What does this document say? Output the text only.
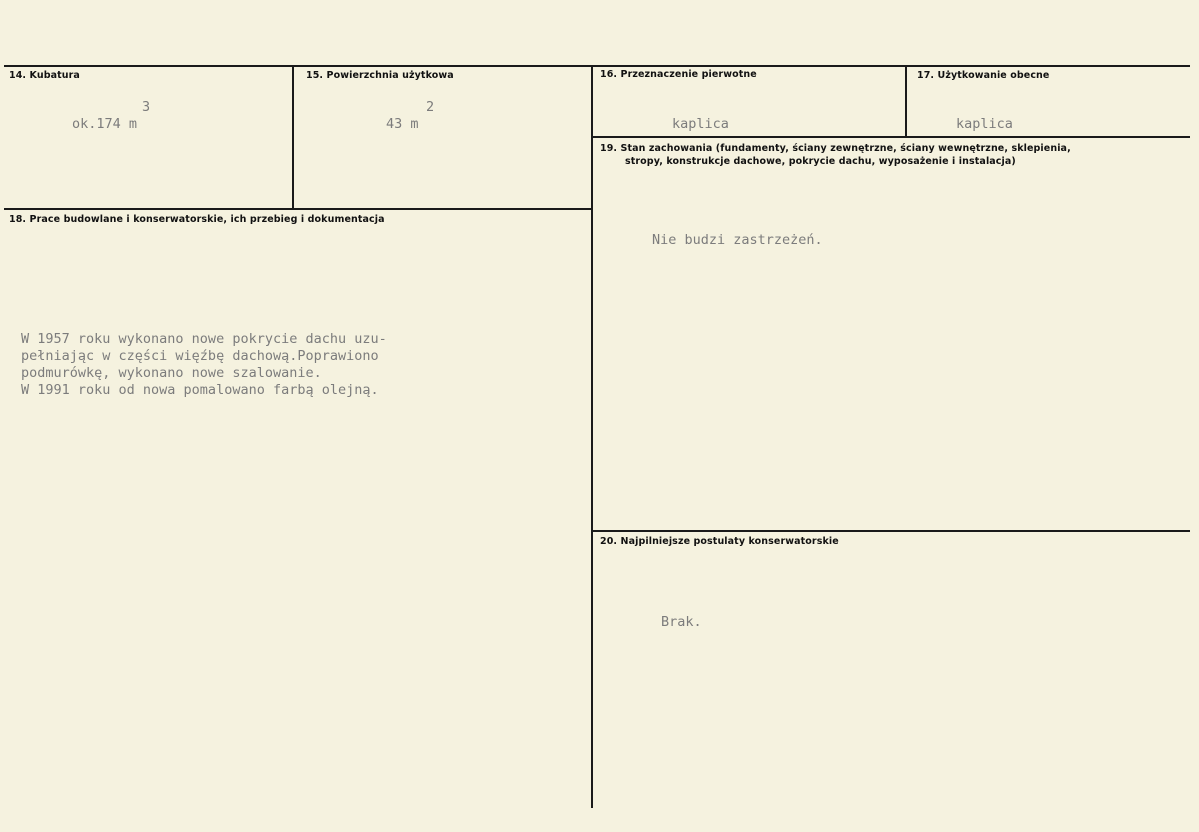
14. Kubatura
3
ok.174 m
15. Powierzchnia użytkowa
2
43 m
16. Przeznaczenie pierwotne
kaplica
17. Użytkowanie obecne
kaplica
18. Prace budowlane i konserwatorskie, ich przebieg i dokumentacja
W 1957 roku wykonano nowe pokrycie dachu uzu-
pełniając w części więźbę dachową.Poprawiono
podmurówkę, wykonano nowe szalowanie.
W 1991 roku od nowa pomalowano farbą olejną.
19. Stan zachowania (fundamenty, ściany zewnętrzne, ściany wewnętrzne, sklepienia,
stropy, konstrukcje dachowe, pokrycie dachu, wyposażenie i instalacja)
Nie budzi zastrzeżeń.
20. Najpilniejsze postulaty konserwatorskie
Brak.
